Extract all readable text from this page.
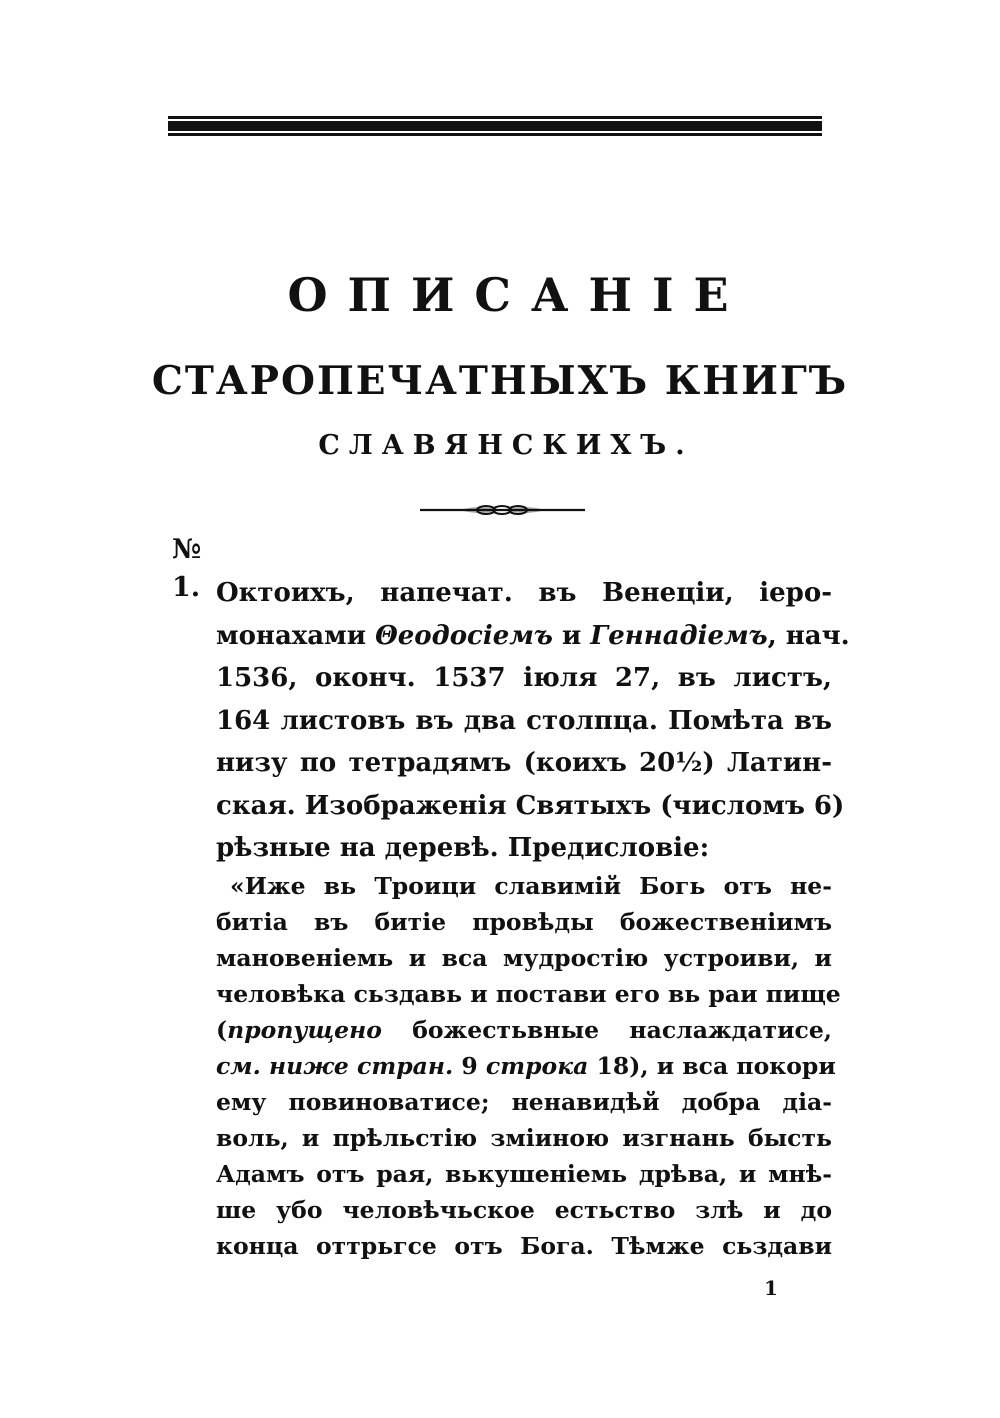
ОПИСАНIЕ
СТАРОПЕЧАТНЫХЪ КНИГЪ
СЛАВЯНСКИХЪ.
№
1. Октоихъ, напечат. въ Венецiи, iеро-
монахами Θеодосiемъ и Геннадiемъ, нач.
1536, оконч. 1537 iюля 27, въ листъ,
164 листовъ въ два столпца. Помѣта въ
низу по тетрадямъ (коихъ 20½) Латин-
ская. Изображенiя Святыхъ (числомъ 6)
рѣзные на деревѣ. Предисловiе:
«Иже вь Троици славимiй Богь отъ не-
битiа въ битiе провѣды божественiимъ
мановенiемь и вса мудростiю устроиви, и
человѣка сьздавь и постави его вь раи пище
(пропущено божестьвные наслаждатисе,
см. ниже стран. 9 строка 18), и вса покори
ему повиноватисе; ненавидѣй добра дiа-
воль, и прѣльстiю змiиною изгнань бысть
Адамъ отъ рая, вькушенiемь дрѣва, и мнѣ-
ше убо человѣчьское естьство злѣ и до
конца оттрьгсе отъ Бога. Тѣмже сьздави
1
